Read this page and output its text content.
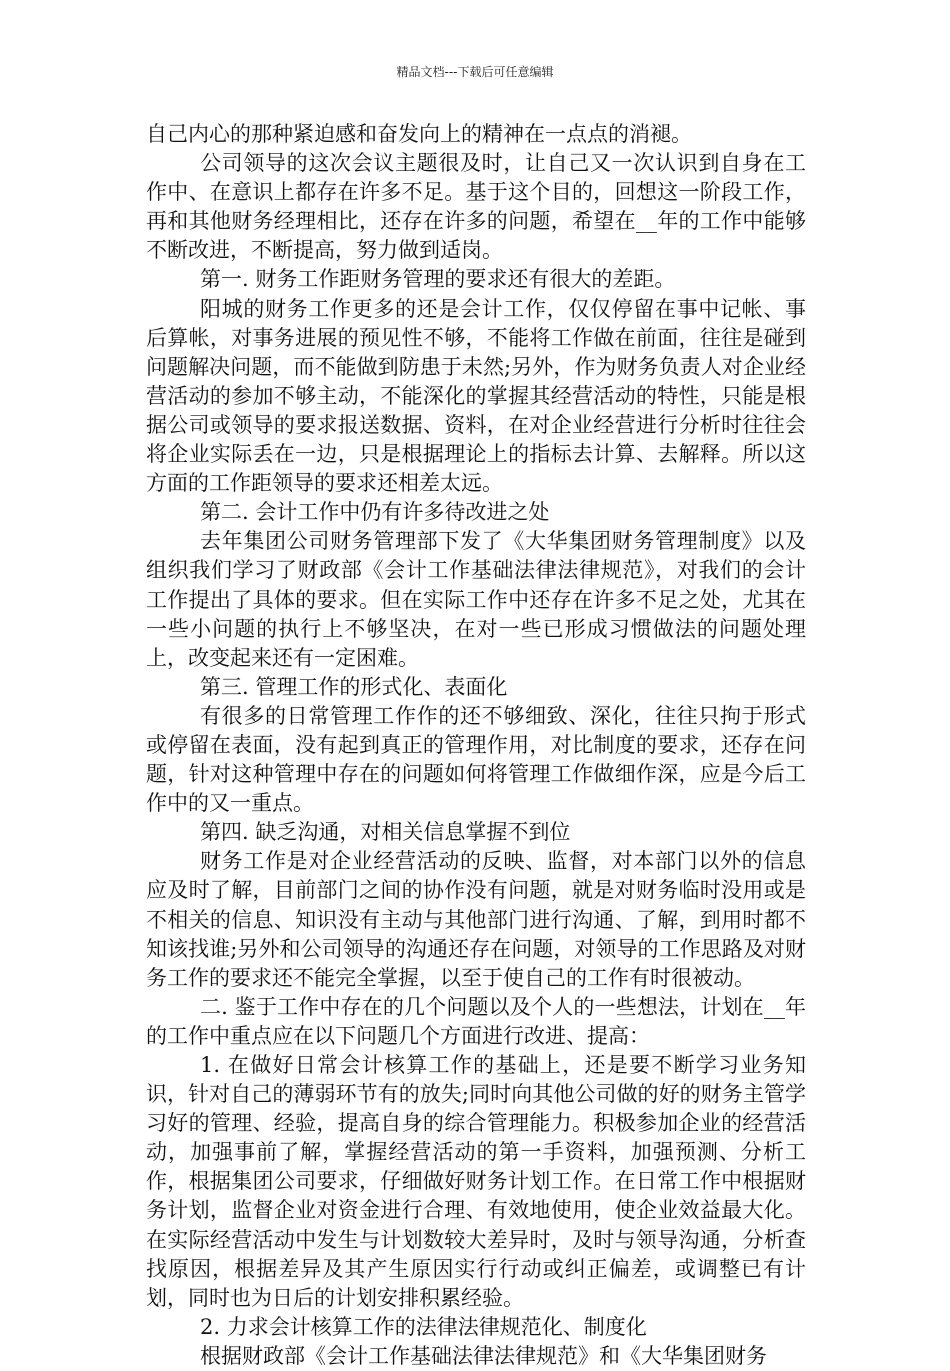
精品文档---下载后可任意编辑

自己内心的那种紧迫感和奋发向上的精神在一点点的消褪。

公司领导的这次会议主题很及时，让自己又一次认识到自身在工作中、在意识上都存在许多不足。基于这个目的，回想这一阶段工作，再和其他财务经理相比，还存在许多的问题，希望在__年的工作中能够不断改进，不断提高，努力做到适岗。

第一. 财务工作距财务管理的要求还有很大的差距。

阳城的财务工作更多的还是会计工作，仅仅停留在事中记帐、事后算帐，对事务进展的预见性不够，不能将工作做在前面，往往是碰到问题解决问题，而不能做到防患于未然;另外，作为财务负责人对企业经营活动的参加不够主动，不能深化的掌握其经营活动的特性，只能是根据公司或领导的要求报送数据、资料，在对企业经营进行分析时往往会将企业实际丢在一边，只是根据理论上的指标去计算、去解释。所以这方面的工作距领导的要求还相差太远。

第二. 会计工作中仍有许多待改进之处

去年集团公司财务管理部下发了《大华集团财务管理制度》以及组织我们学习了财政部《会计工作基础法律法律规范》，对我们的会计工作提出了具体的要求。但在实际工作中还存在许多不足之处，尤其在一些小问题的执行上不够坚决，在对一些已形成习惯做法的问题处理上，改变起来还有一定困难。

第三. 管理工作的形式化、表面化

有很多的日常管理工作作的还不够细致、深化，往往只拘于形式或停留在表面，没有起到真正的管理作用，对比制度的要求，还存在问题，针对这种管理中存在的问题如何将管理工作做细作深，应是今后工作中的又一重点。

第四. 缺乏沟通，对相关信息掌握不到位

财务工作是对企业经营活动的反映、监督，对本部门以外的信息应及时了解，目前部门之间的协作没有问题，就是对财务临时没用或是不相关的信息、知识没有主动与其他部门进行沟通、了解，到用时都不知该找谁;另外和公司领导的沟通还存在问题，对领导的工作思路及对财务工作的要求还不能完全掌握，以至于使自己的工作有时很被动。

二. 鉴于工作中存在的几个问题以及个人的一些想法，计划在__年的工作中重点应在以下问题几个方面进行改进、提高：

1. 在做好日常会计核算工作的基础上，还是要不断学习业务知识，针对自己的薄弱环节有的放失;同时向其他公司做的好的财务主管学习好的管理、经验，提高自身的综合管理能力。积极参加企业的经营活动，加强事前了解，掌握经营活动的第一手资料，加强预测、分析工作，根据集团公司要求，仔细做好财务计划工作。在日常工作中根据财务计划，监督企业对资金进行合理、有效地使用，使企业效益最大化。在实际经营活动中发生与计划数较大差异时，及时与领导沟通，分析查找原因，根据差异及其产生原因实行行动或纠正偏差，或调整已有计划，同时也为日后的计划安排积累经验。

2. 力求会计核算工作的法律法律规范化、制度化

根据财政部《会计工作基础法律法律规范》和《大华集团财务
